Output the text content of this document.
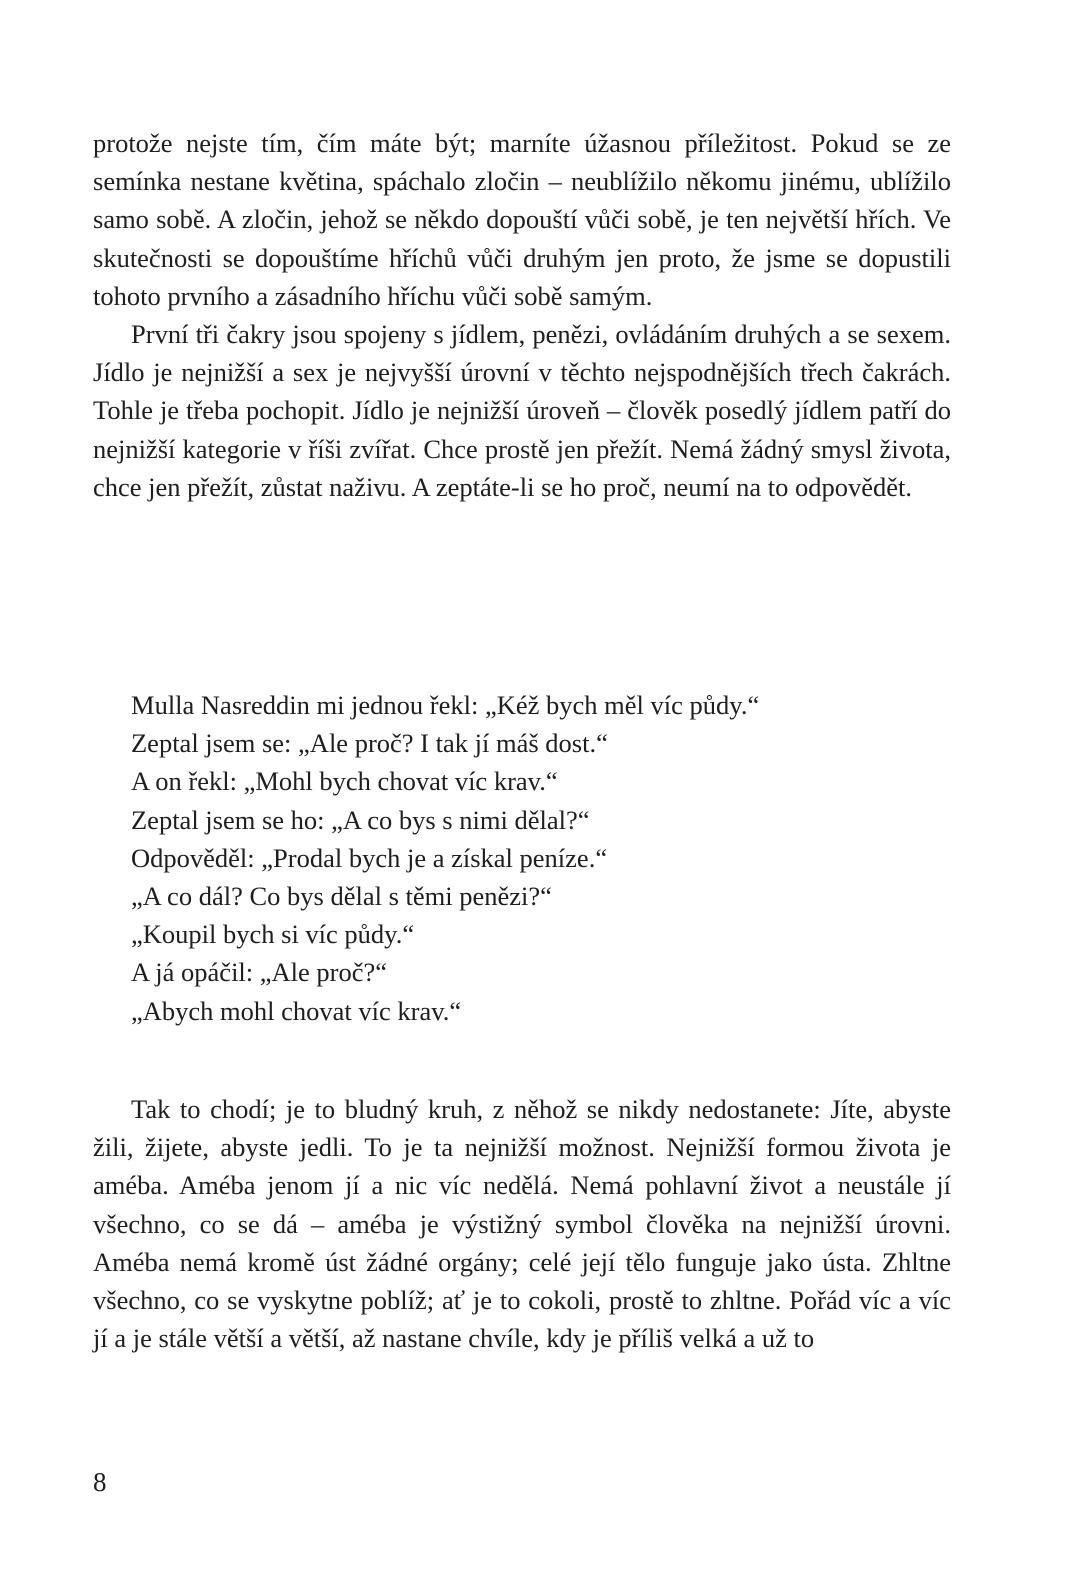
protože nejste tím, čím máte být; marníte úžasnou příležitost. Pokud se ze semínka nestane květina, spáchalo zločin – neublížilo někomu jinému, ublížilo samo sobě. A zločin, jehož se někdo dopouští vůči sobě, je ten největší hřích. Ve skutečnosti se dopouštíme hříchů vůči druhým jen proto, že jsme se dopustili tohoto prvního a zásadního hříchu vůči sobě samým.

První tři čakry jsou spojeny s jídlem, penězi, ovládáním druhých a se sexem. Jídlo je nejnižší a sex je nejvyšší úrovní v těchto nejspodnějších třech čakrách. Tohle je třeba pochopit. Jídlo je nejnižší úroveň – člověk posedlý jídlem patří do nejnižší kategorie v říši zvířat. Chce prostě jen přežít. Nemá žádný smysl života, chce jen přežít, zůstat naživu. A zeptáte-li se ho proč, neumí na to odpovědět.

Mulla Nasreddin mi jednou řekl: „Kéž bych měl víc půdy.“
Zeptal jsem se: „Ale proč? I tak jí máš dost.“
A on řekl: „Mohl bych chovat víc krav.“
Zeptal jsem se ho: „A co bys s nimi dělal?“
Odpověděl: „Prodal bych je a získal peníze.“
„A co dál? Co bys dělal s těmi penězi?“
„Koupil bych si víc půdy.“
A já opáčil: „Ale proč?“
„Abych mohl chovat víc krav.“

Tak to chodí; je to bludný kruh, z něhož se nikdy nedostanete: Jíte, abyste žili, žijete, abyste jedli. To je ta nejnižší možnost. Nejnižší formou života je améba. Améba jenom jí a nic víc nedělá. Nemá pohlavní život a neustále jí všechno, co se dá – améba je výstižný symbol člověka na nejnižší úrovni. Améba nemá kromě úst žádné orgány; celé její tělo funguje jako ústa. Zhltne všechno, co se vyskytne poblíž; ať je to cokoli, prostě to zhltne. Pořád víc a víc jí a je stále větší a větší, až nastane chvíle, kdy je příliš velká a už to

8
